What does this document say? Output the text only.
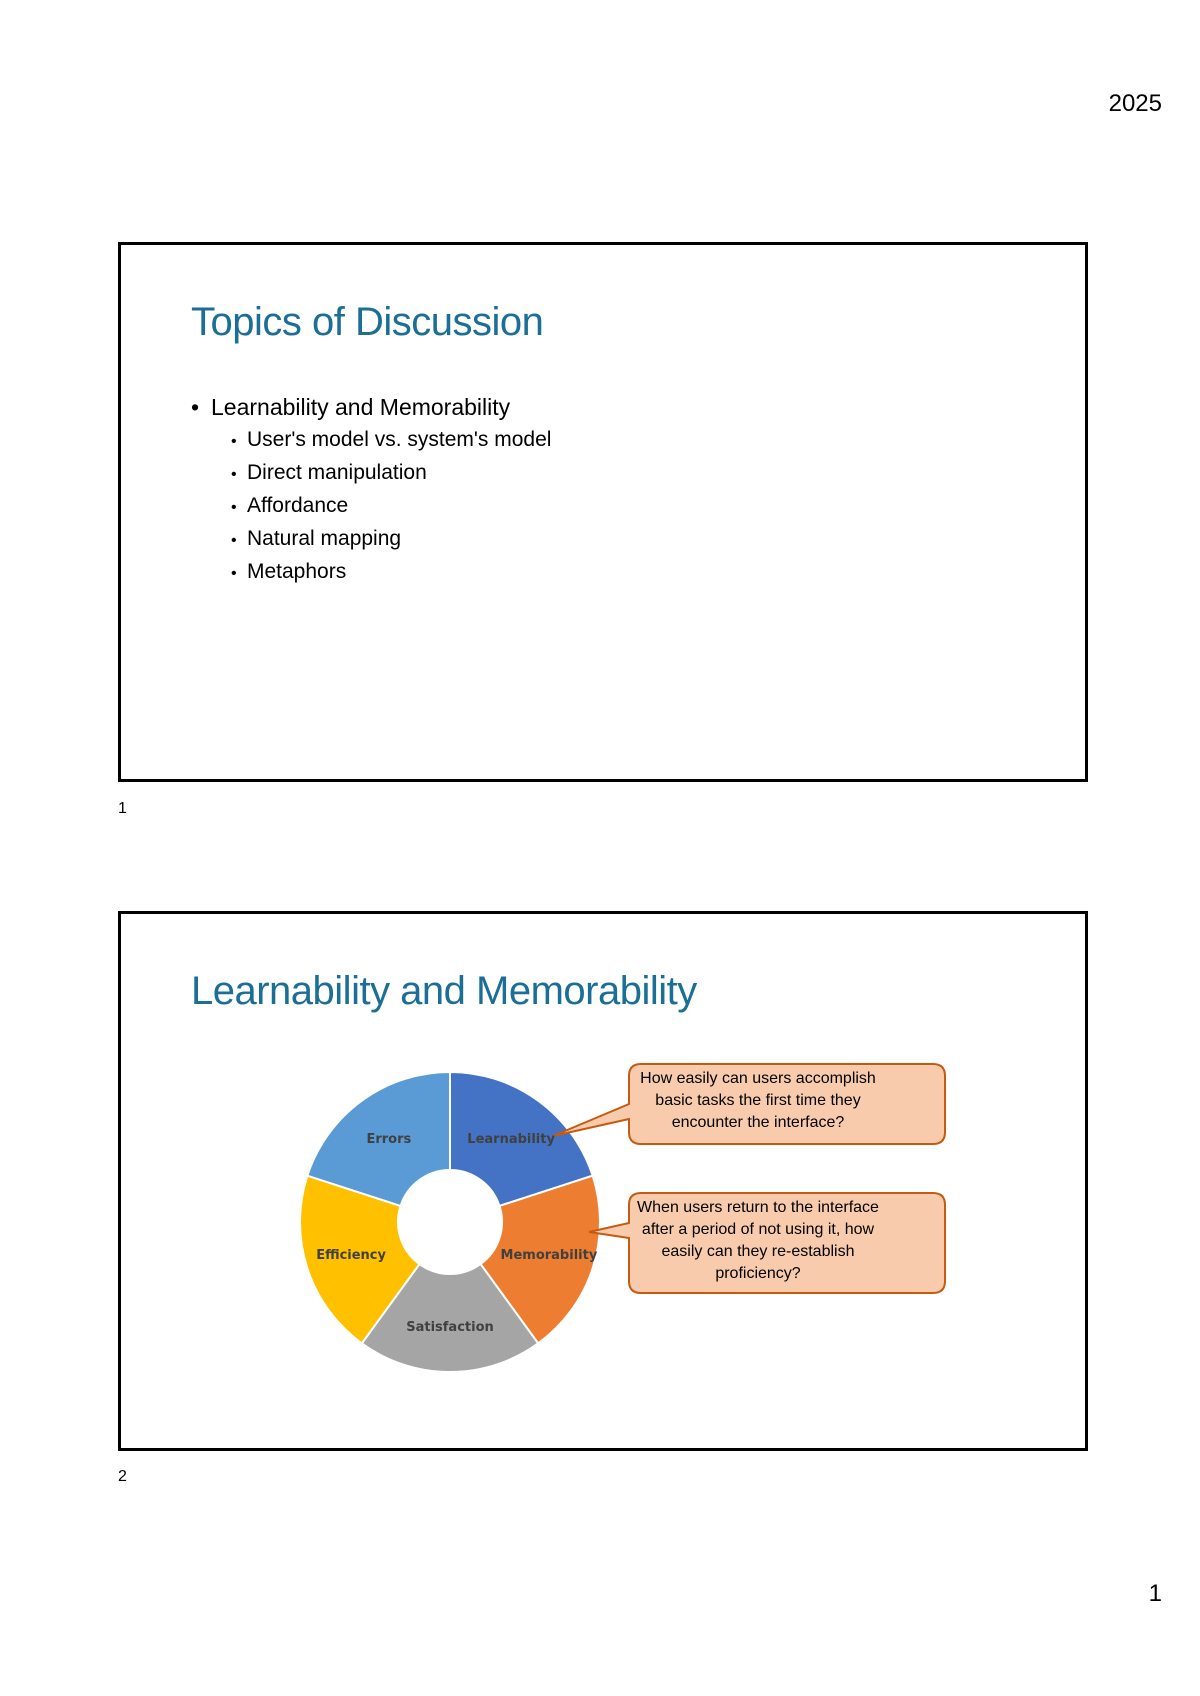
2025
Topics of Discussion
• Learnability and Memorability
• User's model vs. system's model
• Direct manipulation
• Affordance
• Natural mapping
• Metaphors
1
Learnability and Memorability
Learnability
Memorability
Satisfaction
Efficiency
Errors

How easily can users accomplish basic tasks the first time they encounter the interface?

When users return to the interface after a period of not using it, how easily can they re-establish proficiency?

2
1
